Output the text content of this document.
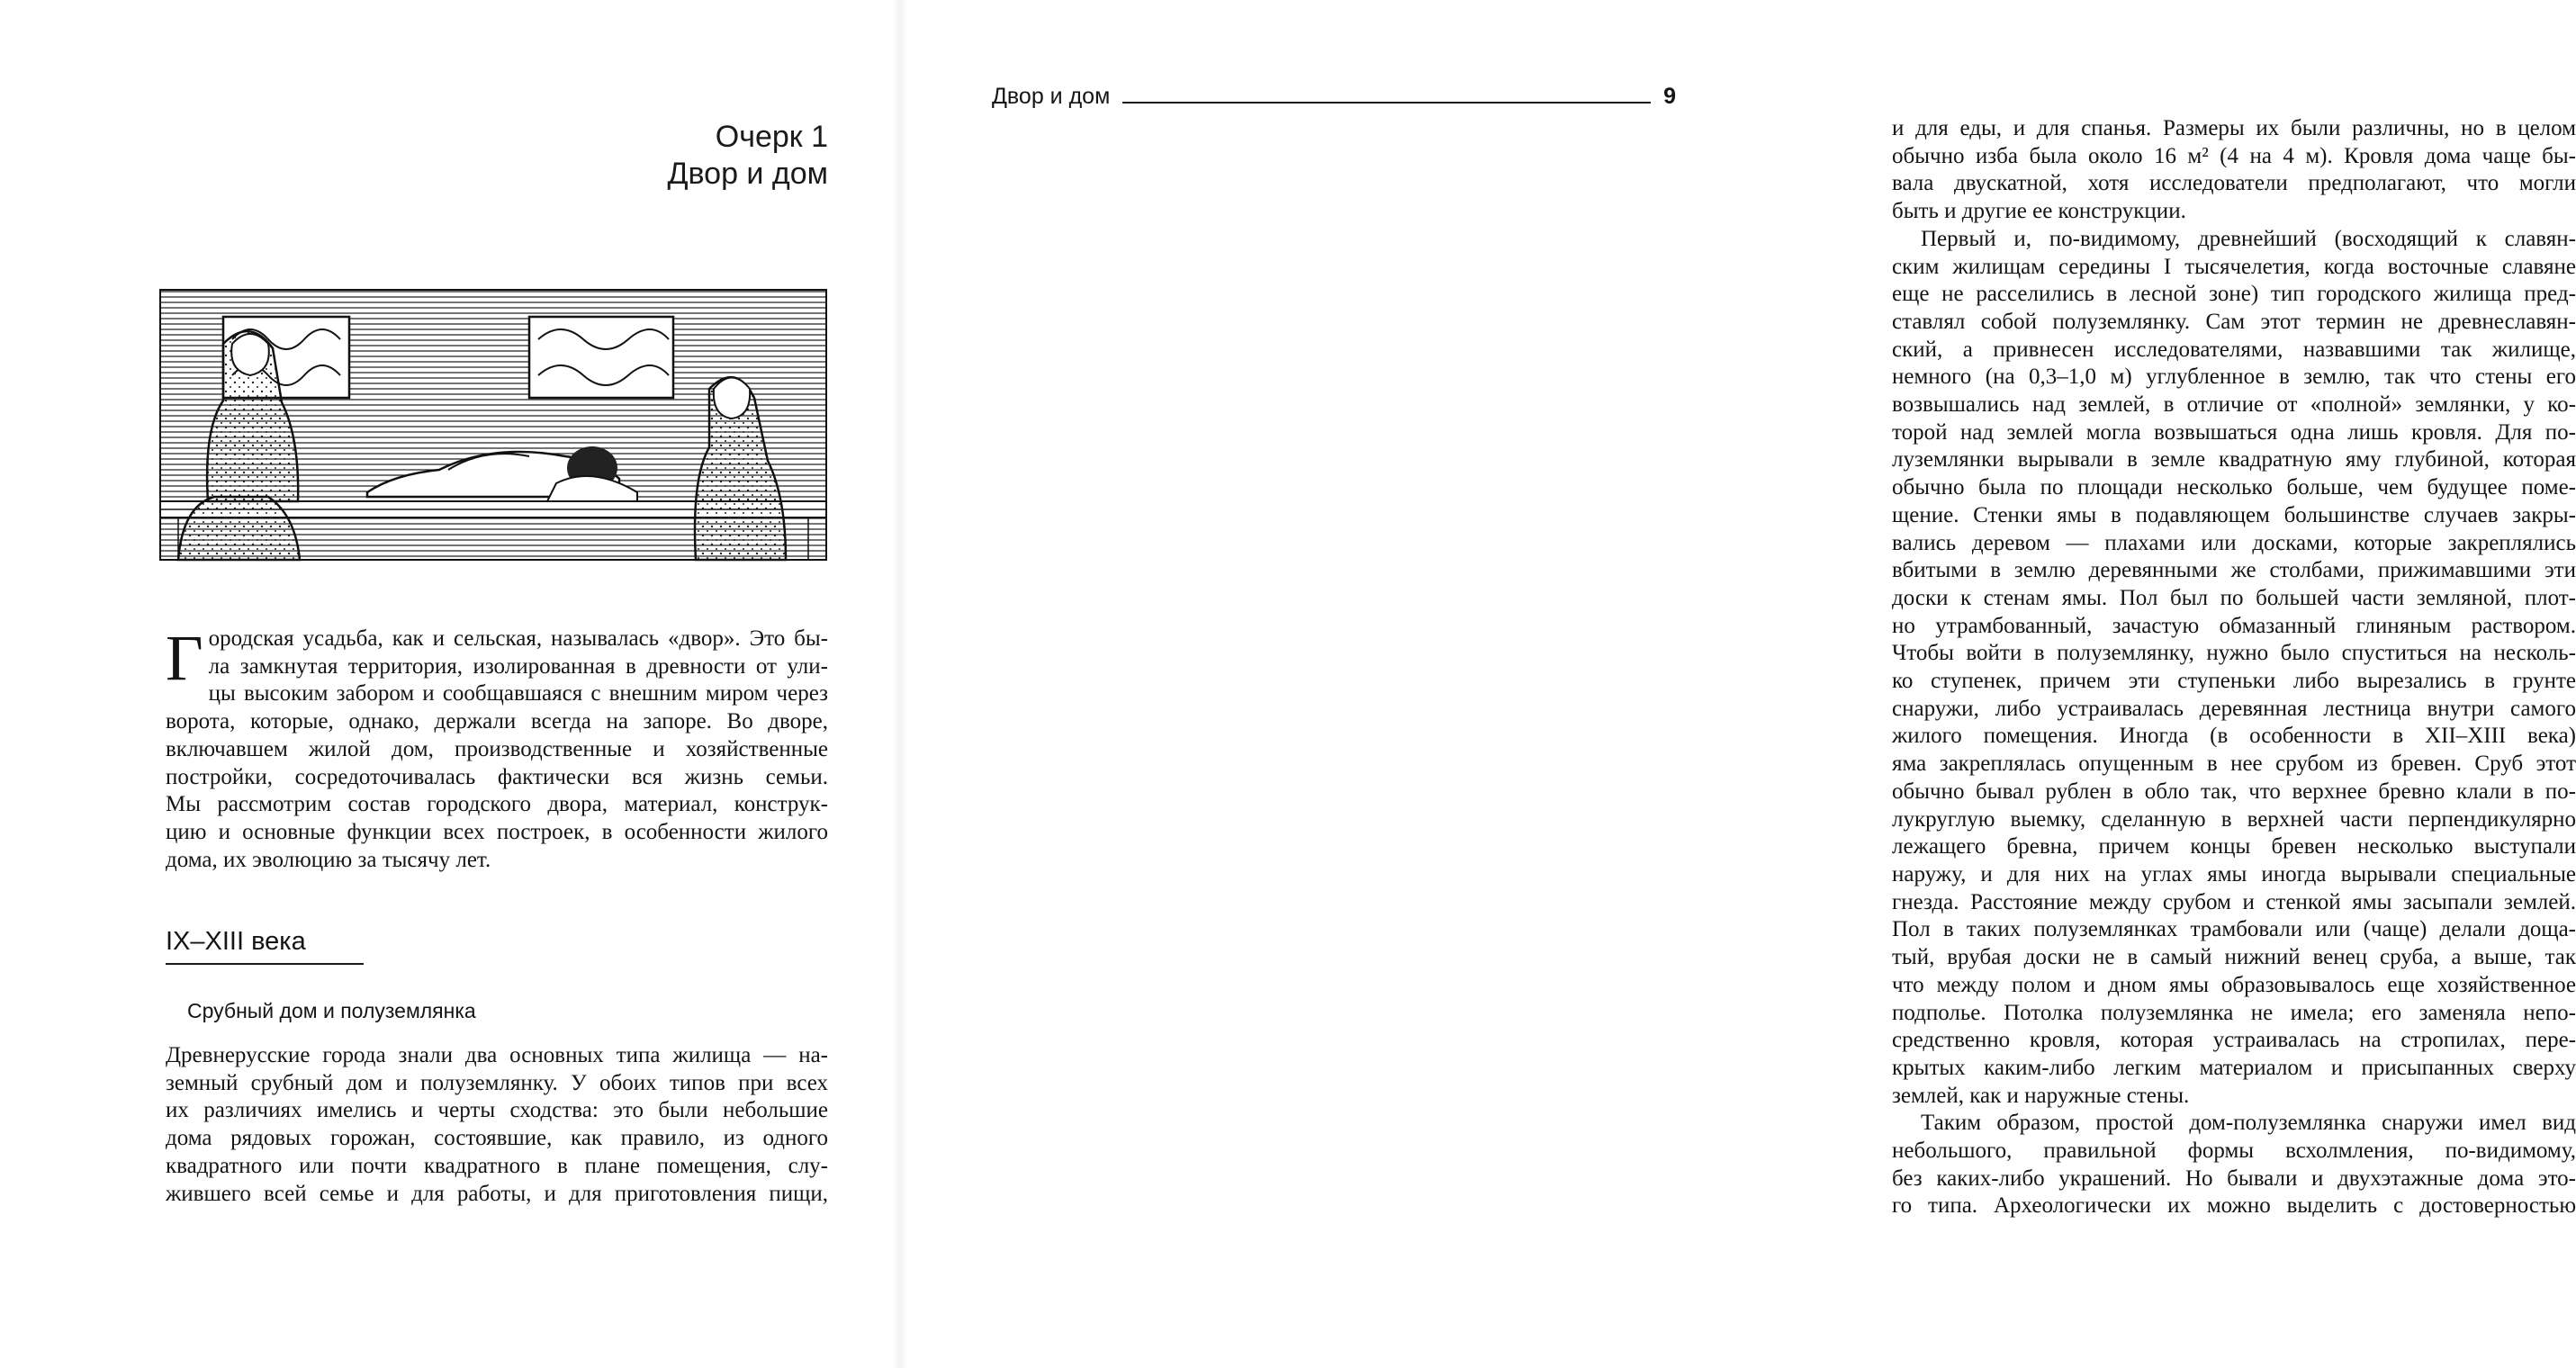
Очерк 1
Двор и дом
Г ородская усадьба, как и сельская, называлась «двор». Это бы-
ла замкнутая территория, изолированная в древности от ули-
цы высоким забором и сообщавшаяся с внешним миром через
ворота, которые, однако, держали всегда на запоре. Во дворе,
включавшем жилой дом, производственные и хозяйственные
постройки, сосредоточивалась фактически вся жизнь семьи.
Мы рассмотрим состав городского двора, материал, конструк-
цию и основные функции всех построек, в особенности жилого
дома, их эволюцию за тысячу лет.
IX–XIII века
Срубный дом и полуземлянка
Древнерусские города знали два основных типа жилища — на-
земный срубный дом и полуземлянку. У обоих типов при всех
их различиях имелись и черты сходства: это были небольшие
дома рядовых горожан, состоявшие, как правило, из одного
квадратного или почти квадратного в плане помещения, слу-
жившего всей семье и для работы, и для приготовления пищи,
Двор и дом	9
и для еды, и для спанья. Размеры их были различны, но в целом
обычно изба была около 16 м² (4 на 4 м). Кровля дома чаще бы-
вала двускатной, хотя исследователи предполагают, что могли
быть и другие ее конструкции.
Первый и, по-видимому, древнейший (восходящий к славян-
ским жилищам середины I тысячелетия, когда восточные славяне
еще не расселились в лесной зоне) тип городского жилища пред-
ставлял собой полуземлянку. Сам этот термин не древнеславян-
ский, а привнесен исследователями, назвавшими так жилище,
немного (на 0,3–1,0 м) углубленное в землю, так что стены его
возвышались над землей, в отличие от «полной» землянки, у ко-
торой над землей могла возвышаться одна лишь кровля. Для по-
луземлянки вырывали в земле квадратную яму глубиной, которая
обычно была по площади несколько больше, чем будущее поме-
щение. Стенки ямы в подавляющем большинстве случаев закры-
вались деревом — плахами или досками, которые закреплялись
вбитыми в землю деревянными же столбами, прижимавшими эти
доски к стенам ямы. Пол был по большей части земляной, плот-
но утрамбованный, зачастую обмазанный глиняным раствором.
Чтобы войти в полуземлянку, нужно было спуститься на несколь-
ко ступенек, причем эти ступеньки либо вырезались в грунте
снаружи, либо устраивалась деревянная лестница внутри самого
жилого помещения. Иногда (в особенности в XII–XIII века)
яма закреплялась опущенным в нее срубом из бревен. Сруб этот
обычно бывал рублен в обло так, что верхнее бревно клали в по-
лукруглую выемку, сделанную в верхней части перпендикулярно
лежащего бревна, причем концы бревен несколько выступали
наружу, и для них на углах ямы иногда вырывали специальные
гнезда. Расстояние между срубом и стенкой ямы засыпали землей.
Пол в таких полуземлянках трамбовали или (чаще) делали доща-
тый, врубая доски не в самый нижний венец сруба, а выше, так
что между полом и дном ямы образовывалось еще хозяйственное
подполье. Потолка полуземлянка не имела; его заменяла непо-
средственно кровля, которая устраивалась на стропилах, пере-
крытых каким-либо легким материалом и присыпанных сверху
землей, как и наружные стены.
Таким образом, простой дом-полуземлянка снаружи имел вид
небольшого, правильной формы всхолмления, по-видимому,
без каких-либо украшений. Но бывали и двухэтажные дома это-
го типа. Археологически их можно выделить с достоверностью
